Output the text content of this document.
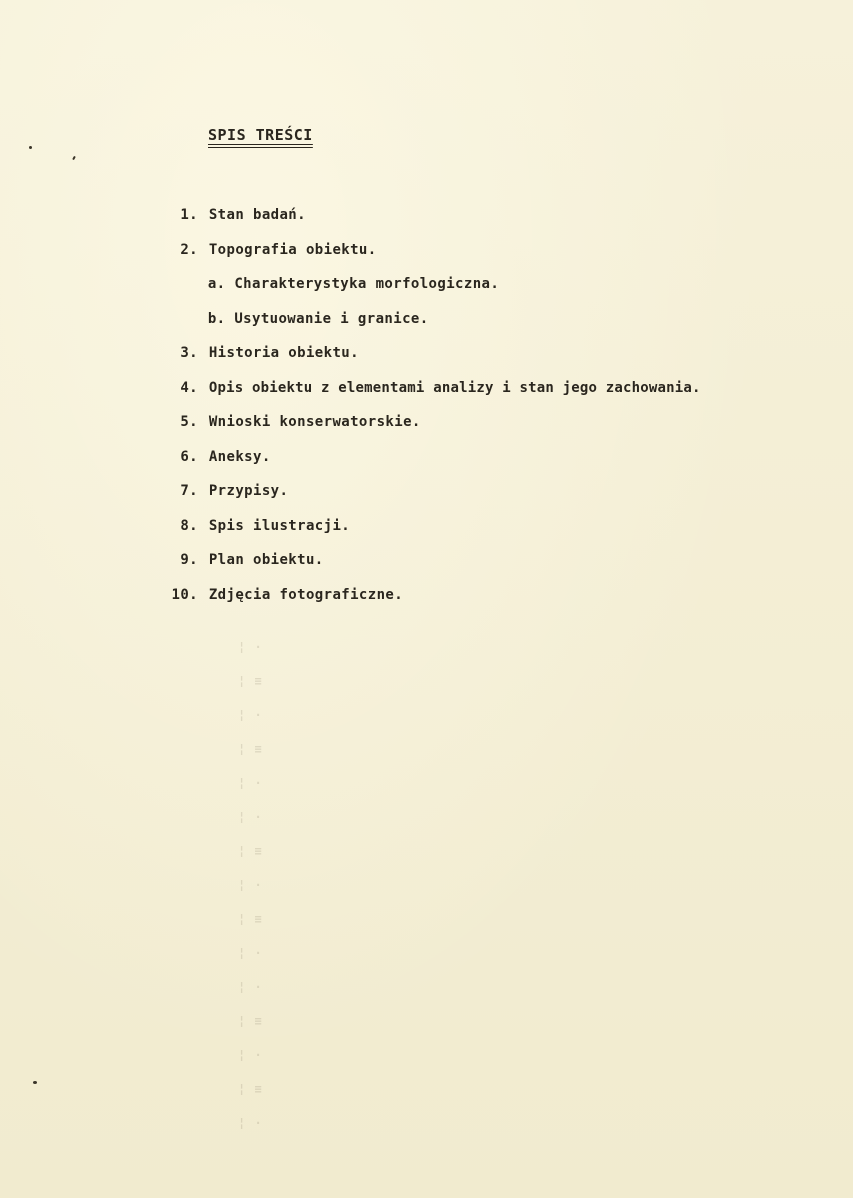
¦ ·
¦ ≡
¦ ·
¦ ≡
¦ ·
¦ ·
¦ ≡
¦ ·
¦ ≡
¦ ·
¦ ·
¦ ≡
¦ ·
¦ ≡
¦ ·
SPIS TREŚCI
1. Stan badań.
2. Topografia obiektu.
a. Charakterystyka morfologiczna.
b. Usytuowanie i granice.
3. Historia obiektu.
4. Opis obiektu z elementami analizy i stan jego zachowania.
5. Wnioski konserwatorskie.
6. Aneksy.
7. Przypisy.
8. Spis ilustracji.
9. Plan obiektu.
10. Zdjęcia fotograficzne.
